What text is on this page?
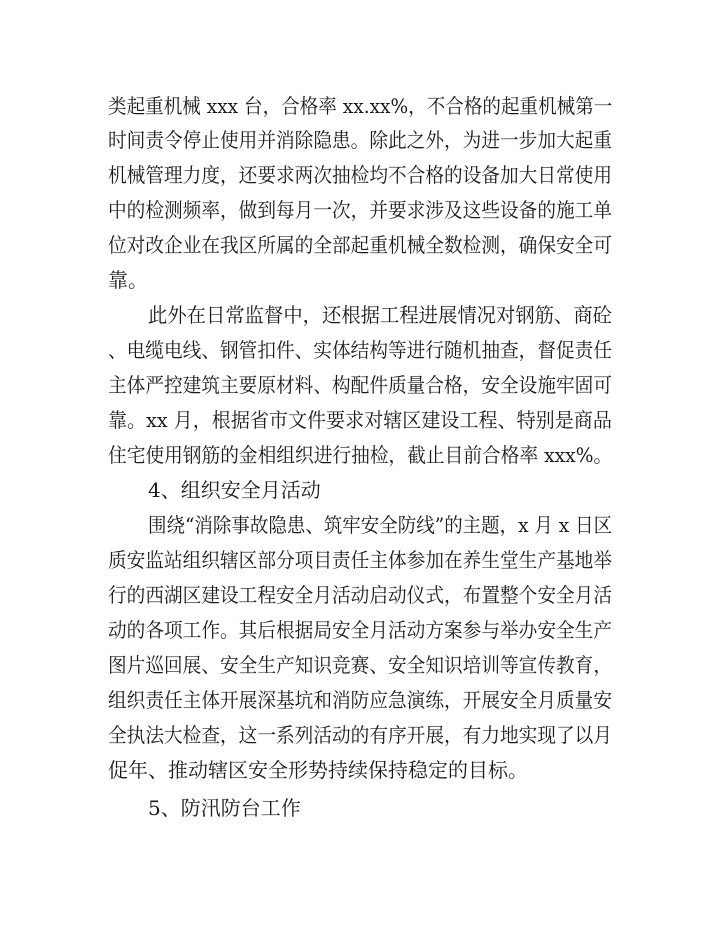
类起重机械 xxx 台，合格率 xx.xx%，不合格的起重机械第一
时间责令停止使用并消除隐患。除此之外，为进一步加大起重
机械管理力度，还要求两次抽检均不合格的设备加大日常使用
中的检测频率，做到每月一次，并要求涉及这些设备的施工单
位对改企业在我区所属的全部起重机械全数检测，确保安全可
靠。
此外在日常监督中，还根据工程进展情况对钢筋、商砼
、电缆电线、钢管扣件、实体结构等进行随机抽查，督促责任
主体严控建筑主要原材料、构配件质量合格，安全设施牢固可
靠。xx 月，根据省市文件要求对辖区建设工程、特别是商品
住宅使用钢筋的金相组织进行抽检，截止目前合格率 xxx%。
4、组织安全月活动
围绕“消除事故隐患、筑牢安全防线”的主题，x 月 x 日区
质安监站组织辖区部分项目责任主体参加在养生堂生产基地举
行的西湖区建设工程安全月活动启动仪式，布置整个安全月活
动的各项工作。其后根据局安全月活动方案参与举办安全生产
图片巡回展、安全生产知识竞赛、安全知识培训等宣传教育，
组织责任主体开展深基坑和消防应急演练，开展安全月质量安
全执法大检查，这一系列活动的有序开展，有力地实现了以月
促年、推动辖区安全形势持续保持稳定的目标。
5、防汛防台工作
